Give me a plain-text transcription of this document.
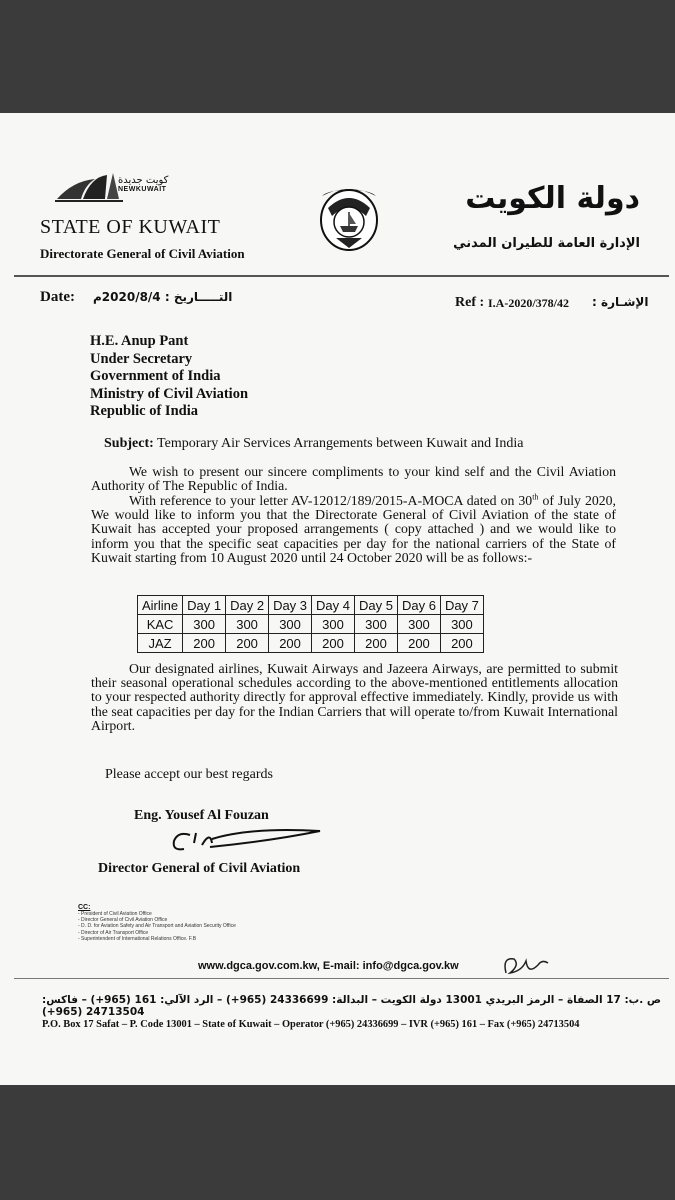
كويت جديدة
NEWKUWAIT
STATE OF KUWAIT
Directorate General of Civil Aviation
دولة الكويت
الإدارة العامة للطيران المدني
Date: التـــــاريخ : 2020/8/4م	Ref : I.A-2020/378/42 : الإشـارة
H.E. Anup Pant
Under Secretary
Government of India
Ministry of Civil Aviation
Republic of India
Subject: Temporary Air Services Arrangements between Kuwait and India
We wish to present our sincere compliments to your kind self and the Civil Aviation Authority of The Republic of India.
With reference to your letter AV-12012/189/2015-A-MOCA dated on 30th of July 2020, We would like to inform you that the Directorate General of Civil Aviation of the state of Kuwait has accepted your proposed arrangements ( copy attached ) and we would like to inform you that the specific seat capacities per day for the national carriers of the State of Kuwait starting from 10 August 2020 until 24 October 2020 will be as follows:-
Airline	Day 1	Day 2	Day 3	Day 4	Day 5	Day 6	Day 7
KAC	300	300	300	300	300	300	300
JAZ	200	200	200	200	200	200	200
Our designated airlines, Kuwait Airways and Jazeera Airways, are permitted to submit their seasonal operational schedules according to the above-mentioned entitlements allocation to your respected authority directly for approval effective immediately. Kindly, provide us with the seat capacities per day for the Indian Carriers that will operate to/from Kuwait International Airport.
Please accept our best regards
Eng. Yousef Al Fouzan
Director General of Civil Aviation
CC:
- President of Civil Aviation Office
- Director General of Civil Aviation Office
- D. D. for Aviation Safety and Air Transport and Aviation Security Office
- Director of Air Transport Office
- Superintendent of International Relations Office. F.B
www.dgca.gov.com.kw, E-mail: info@dgca.gov.kw
ص .ب: 17 الصفاة – الرمز البريدي 13001 دولة الكويت – البدالة: 24336699 (965+) – الرد الآلي: 161 (965+) – فاكس: 24713504 (965+)
P.O. Box 17 Safat – P. Code 13001 – State of Kuwait – Operator (+965) 24336699 – IVR (+965) 161 – Fax (+965) 24713504
